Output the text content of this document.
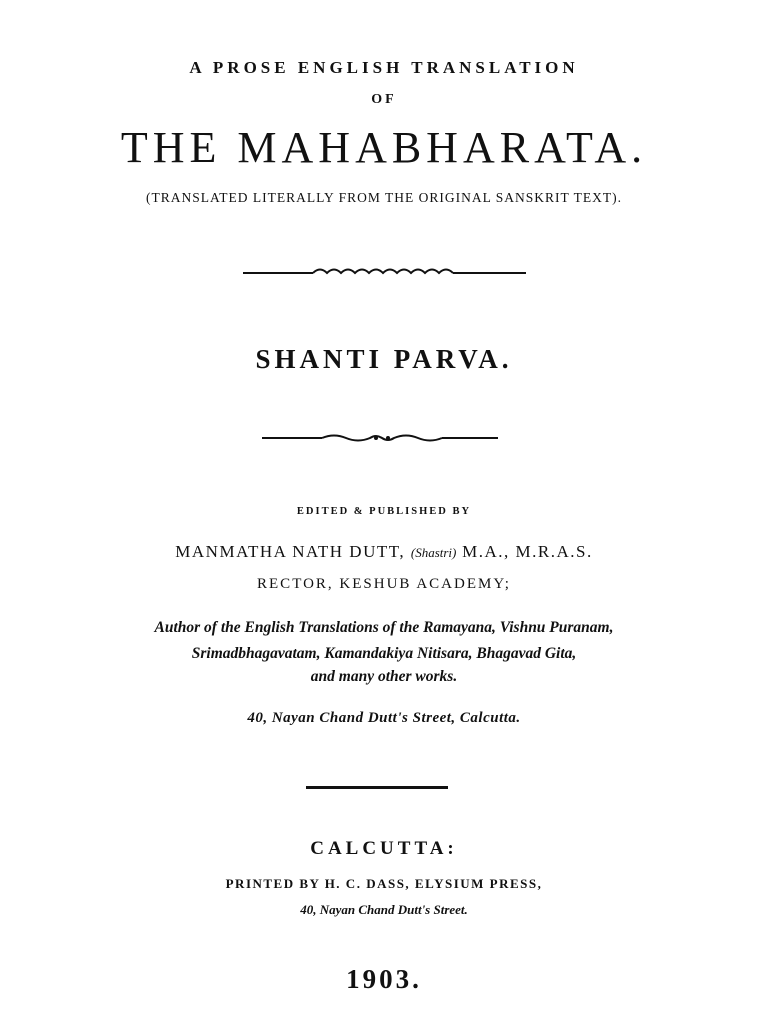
A PROSE ENGLISH TRANSLATION
OF
THE MAHABHARATA.
(TRANSLATED LITERALLY FROM THE ORIGINAL SANSKRIT TEXT).
SHANTI PARVA.
EDITED & PUBLISHED BY
MANMATHA NATH DUTT, (Shastri) M.A., M.R.A.S.
RECTOR, KESHUB ACADEMY;
Author of the English Translations of the Ramayana, Vishnu Puranam,
Srimadbhagavatam, Kamandakiya Nitisara, Bhagavad Gita,
and many other works.
40, Nayan Chand Dutt's Street, Calcutta.
CALCUTTA:
PRINTED BY H. C. DASS, ELYSIUM PRESS,
40, Nayan Chand Dutt's Street.
1903.
